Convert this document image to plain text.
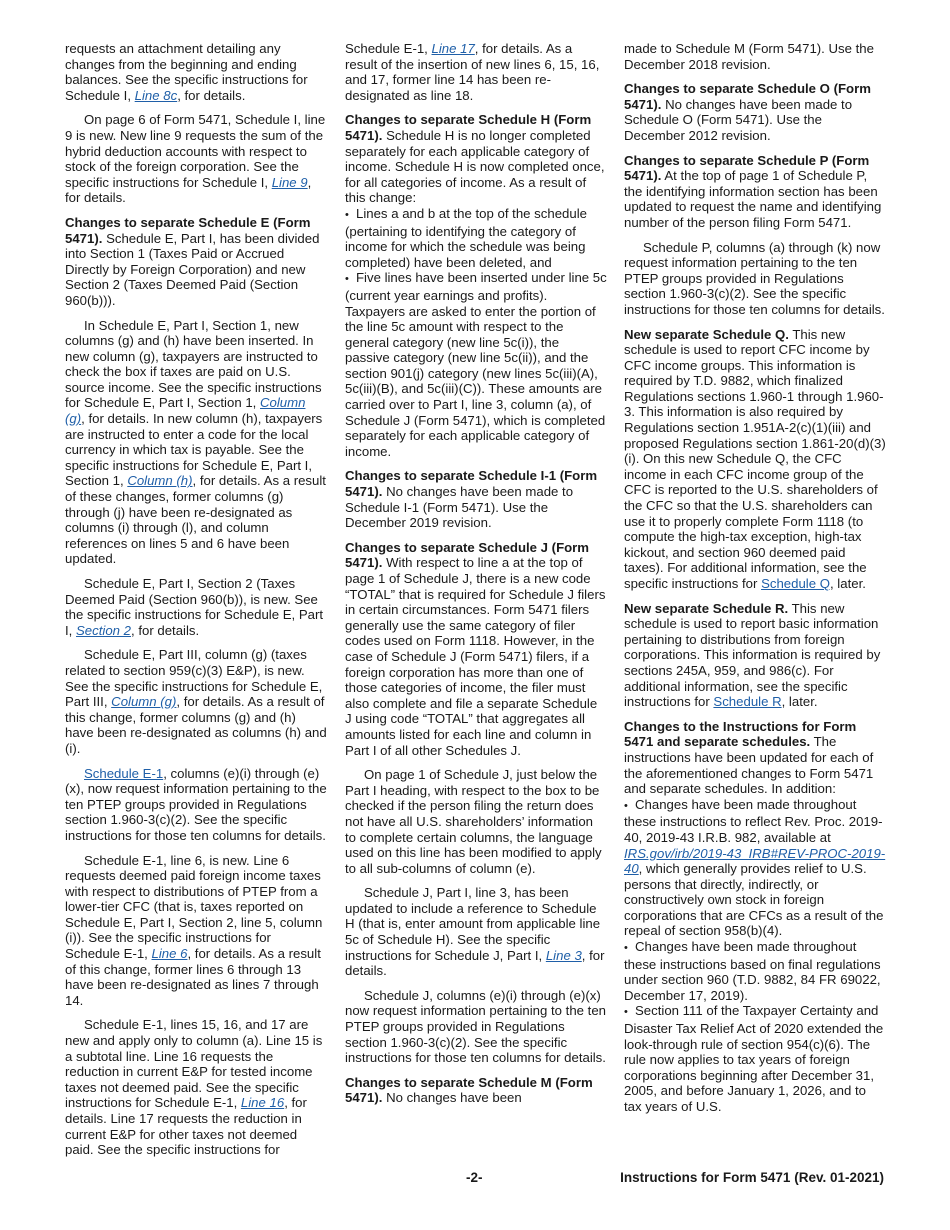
requests an attachment detailing any changes from the beginning and ending balances. See the specific instructions for Schedule I, Line 8c, for details.

On page 6 of Form 5471, Schedule I, line 9 is new. New line 9 requests the sum of the hybrid deduction accounts with respect to stock of the foreign corporation. See the specific instructions for Schedule I, Line 9, for details.

Changes to separate Schedule E (Form 5471). Schedule E, Part I, has been divided into Section 1 (Taxes Paid or Accrued Directly by Foreign Corporation) and new Section 2 (Taxes Deemed Paid (Section 960(b))).

In Schedule E, Part I, Section 1, new columns (g) and (h) have been inserted. In new column (g), taxpayers are instructed to check the box if taxes are paid on U.S. source income. See the specific instructions for Schedule E, Part I, Section 1, Column (g), for details. In new column (h), taxpayers are instructed to enter a code for the local currency in which tax is payable. See the specific instructions for Schedule E, Part I, Section 1, Column (h), for details. As a result of these changes, former columns (g) through (j) have been re-designated as columns (i) through (l), and column references on lines 5 and 6 have been updated.

Schedule E, Part I, Section 2 (Taxes Deemed Paid (Section 960(b)), is new. See the specific instructions for Schedule E, Part I, Section 2, for details.

Schedule E, Part III, column (g) (taxes related to section 959(c)(3) E&P), is new. See the specific instructions for Schedule E, Part III, Column (g), for details. As a result of this change, former columns (g) and (h) have been re-designated as columns (h) and (i).

Schedule E-1, columns (e)(i) through (e)(x), now request information pertaining to the ten PTEP groups provided in Regulations section 1.960-3(c)(2). See the specific instructions for those ten columns for details.

Schedule E-1, line 6, is new. Line 6 requests deemed paid foreign income taxes with respect to distributions of PTEP from a lower-tier CFC (that is, taxes reported on Schedule E, Part I, Section 2, line 5, column (i)). See the specific instructions for Schedule E-1, Line 6, for details. As a result of this change, former lines 6 through 13 have been re-designated as lines 7 through 14.

Schedule E-1, lines 15, 16, and 17 are new and apply only to column (a). Line 15 is a subtotal line. Line 16 requests the reduction in current E&P for tested income taxes not deemed paid. See the specific instructions for Schedule E-1, Line 16, for details. Line 17 requests the reduction in current E&P for other taxes not deemed paid. See the specific instructions for

Schedule E-1, Line 17, for details. As a result of the insertion of new lines 6, 15, 16, and 17, former line 14 has been re-designated as line 18.

Changes to separate Schedule H (Form 5471). Schedule H is no longer completed separately for each applicable category of income. Schedule H is now completed once, for all categories of income. As a result of this change:

• Lines a and b at the top of the schedule (pertaining to identifying the category of income for which the schedule was being completed) have been deleted, and

• Five lines have been inserted under line 5c (current year earnings and profits). Taxpayers are asked to enter the portion of the line 5c amount with respect to the general category (new line 5c(i)), the passive category (new line 5c(ii)), and the section 901(j) category (new lines 5c(iii)(A), 5c(iii)(B), and 5c(iii)(C)). These amounts are carried over to Part I, line 3, column (a), of Schedule J (Form 5471), which is completed separately for each applicable category of income.

Changes to separate Schedule I-1 (Form 5471). No changes have been made to Schedule I-1 (Form 5471). Use the December 2019 revision.

Changes to separate Schedule J (Form 5471). With respect to line a at the top of page 1 of Schedule J, there is a new code “TOTAL” that is required for Schedule J filers in certain circumstances. Form 5471 filers generally use the same category of filer codes used on Form 1118. However, in the case of Schedule J (Form 5471) filers, if a foreign corporation has more than one of those categories of income, the filer must also complete and file a separate Schedule J using code “TOTAL” that aggregates all amounts listed for each line and column in Part I of all other Schedules J.

On page 1 of Schedule J, just below the Part I heading, with respect to the box to be checked if the person filing the return does not have all U.S. shareholders’ information to complete certain columns, the language used on this line has been modified to apply to all sub-columns of column (e).

Schedule J, Part I, line 3, has been updated to include a reference to Schedule H (that is, enter amount from applicable line 5c of Schedule H). See the specific instructions for Schedule J, Part I, Line 3, for details.

Schedule J, columns (e)(i) through (e)(x) now request information pertaining to the ten PTEP groups provided in Regulations section 1.960-3(c)(2). See the specific instructions for those ten columns for details.

Changes to separate Schedule M (Form 5471). No changes have been

made to Schedule M (Form 5471). Use the December 2018 revision.

Changes to separate Schedule O (Form 5471). No changes have been made to Schedule O (Form 5471). Use the December 2012 revision.

Changes to separate Schedule P (Form 5471). At the top of page 1 of Schedule P, the identifying information section has been updated to request the name and identifying number of the person filing Form 5471.

Schedule P, columns (a) through (k) now request information pertaining to the ten PTEP groups provided in Regulations section 1.960-3(c)(2). See the specific instructions for those ten columns for details.

New separate Schedule Q. This new schedule is used to report CFC income by CFC income groups. This information is required by T.D. 9882, which finalized Regulations sections 1.960-1 through 1.960-3. This information is also required by Regulations section 1.951A-2(c)(1)(iii) and proposed Regulations section 1.861-20(d)(3)(i). On this new Schedule Q, the CFC income in each CFC income group of the CFC is reported to the U.S. shareholders of the CFC so that the U.S. shareholders can use it to properly complete Form 1118 (to compute the high-tax exception, high-tax kickout, and section 960 deemed paid taxes). For additional information, see the specific instructions for Schedule Q, later.

New separate Schedule R. This new schedule is used to report basic information pertaining to distributions from foreign corporations. This information is required by sections 245A, 959, and 986(c). For additional information, see the specific instructions for Schedule R, later.

Changes to the Instructions for Form 5471 and separate schedules. The instructions have been updated for each of the aforementioned changes to Form 5471 and separate schedules. In addition:

• Changes have been made throughout these instructions to reflect Rev. Proc. 2019-40, 2019-43 I.R.B. 982, available at IRS.gov/irb/2019-43_IRB#REV-PROC-2019-40, which generally provides relief to U.S. persons that directly, indirectly, or constructively own stock in foreign corporations that are CFCs as a result of the repeal of section 958(b)(4).

• Changes have been made throughout these instructions based on final regulations under section 960 (T.D. 9882, 84 FR 69022, December 17, 2019).

• Section 111 of the Taxpayer Certainty and Disaster Tax Relief Act of 2020 extended the look-through rule of section 954(c)(6). The rule now applies to tax years of foreign corporations beginning after December 31, 2005, and before January 1, 2026, and to tax years of U.S.

-2-	Instructions for Form 5471 (Rev. 01-2021)
